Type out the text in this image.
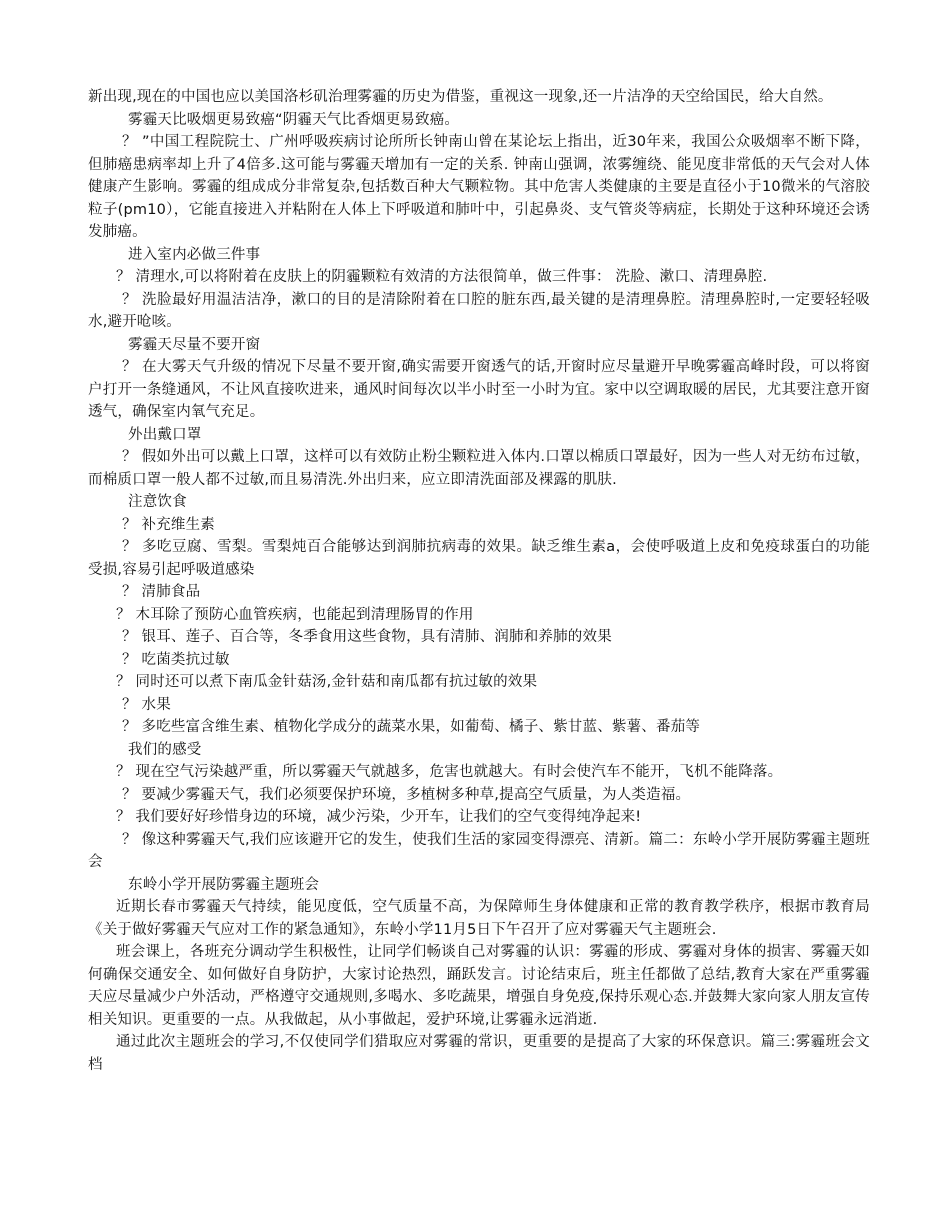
新出现,现在的中国也应以美国洛杉矶治理雾霾的历史为借鉴，重视这一现象,还一片洁净的天空给国民，给大自然。

雾霾天比吸烟更易致癌“阴霾天气比香烟更易致癌。

？ ”中国工程院院士、广州呼吸疾病讨论所所长钟南山曾在某论坛上指出，近30年来，我国公众吸烟率不断下降，但肺癌患病率却上升了4倍多.这可能与雾霾天增加有一定的关系. 钟南山强调，浓雾缠绕、能见度非常低的天气会对人体健康产生影响。雾霾的组成成分非常复杂,包括数百种大气颗粒物。其中危害人类健康的主要是直径小于10微米的气溶胶粒子(pm10），它能直接进入并粘附在人体上下呼吸道和肺叶中，引起鼻炎、支气管炎等病症，长期处于这种环境还会诱发肺癌。

进入室内必做三件事

？ 清理水,可以将附着在皮肤上的阴霾颗粒有效清的方法很简单，做三件事： 洗脸、漱口、清理鼻腔.

？ 洗脸最好用温洁洁净，漱口的目的是清除附着在口腔的脏东西,最关键的是清理鼻腔。清理鼻腔时,一定要轻轻吸水,避开呛咳。

雾霾天尽量不要开窗

？ 在大雾天气升级的情况下尽量不要开窗,确实需要开窗透气的话,开窗时应尽量避开早晚雾霾高峰时段，可以将窗户打开一条缝通风，不让风直接吹进来，通风时间每次以半小时至一小时为宜。家中以空调取暖的居民，尤其要注意开窗透气，确保室内氧气充足。

外出戴口罩

？ 假如外出可以戴上口罩，这样可以有效防止粉尘颗粒进入体内.口罩以棉质口罩最好，因为一些人对无纺布过敏，而棉质口罩一般人都不过敏,而且易清洗.外出归来，应立即清洗面部及裸露的肌肤.

注意饮食

？ 补充维生素

？ 多吃豆腐、雪梨。雪梨炖百合能够达到润肺抗病毒的效果。缺乏维生素a，会使呼吸道上皮和免疫球蛋白的功能受损,容易引起呼吸道感染

？ 清肺食品

？ 木耳除了预防心血管疾病，也能起到清理肠胃的作用

？ 银耳、莲子、百合等，冬季食用这些食物，具有清肺、润肺和养肺的效果

？ 吃菌类抗过敏

？ 同时还可以煮下南瓜金针菇汤,金针菇和南瓜都有抗过敏的效果

？ 水果

？ 多吃些富含维生素、植物化学成分的蔬菜水果，如葡萄、橘子、紫甘蓝、紫薯、番茄等

我们的感受

？ 现在空气污染越严重，所以雾霾天气就越多，危害也就越大。有时会使汽车不能开，飞机不能降落。

？ 要减少雾霾天气，我们必须要保护环境，多植树多种草,提高空气质量，为人类造福。

？ 我们要好好珍惜身边的环境，减少污染，少开车，让我们的空气变得纯净起来!

？ 像这种雾霾天气,我们应该避开它的发生，使我们生活的家园变得漂亮、清新。篇二：东岭小学开展防雾霾主题班会

东岭小学开展防雾霾主题班会

近期长春市雾霾天气持续，能见度低，空气质量不高，为保障师生身体健康和正常的教育教学秩序，根据市教育局《关于做好雾霾天气应对工作的紧急通知》，东岭小学11月5日下午召开了应对雾霾天气主题班会.

班会课上，各班充分调动学生积极性，让同学们畅谈自己对雾霾的认识：雾霾的形成、雾霾对身体的损害、雾霾天如何确保交通安全、如何做好自身防护，大家讨论热烈，踊跃发言。讨论结束后，班主任都做了总结,教育大家在严重雾霾天应尽量减少户外活动，严格遵守交通规则,多喝水、多吃蔬果，增强自身免疫,保持乐观心态.并鼓舞大家向家人朋友宣传相关知识。更重要的一点。从我做起，从小事做起，爱护环境,让雾霾永远消逝.

通过此次主题班会的学习,不仅使同学们猎取应对雾霾的常识，更重要的是提高了大家的环保意识。篇三:雾霾班会文档
